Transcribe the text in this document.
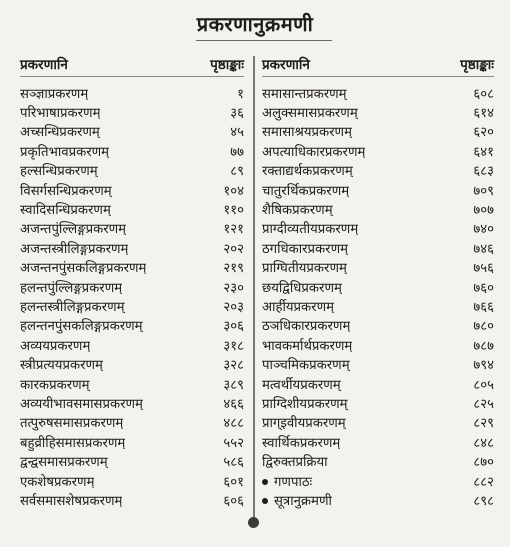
प्रकरणानुक्रमणी
प्रकरणानि	पृष्ठाङ्काः
सञ्ज्ञाप्रकरणम्	१
परिभाषाप्रकरणम्	३६
अच्सन्धिप्रकरणम्	४५
प्रकृतिभावप्रकरणम्	७७
हल्सन्धिप्रकरणम्	८९
विसर्गसन्धिप्रकरणम्	१०४
स्वादिसन्धिप्रकरणम्	११०
अजन्तपुंल्लिङ्गप्रकरणम्	१२१
अजन्तस्त्रीलिङ्गप्रकरणम्	२०२
अजन्तनपुंसकलिङ्गप्रकरणम्	२१९
हलन्तपुंल्लिङ्गप्रकरणम्	२३०
हलन्तस्त्रीलिङ्गप्रकरणम्	२०३
हलन्तनपुंसकलिङ्गप्रकरणम्	३०६
अव्ययप्रकरणम्	३१८
स्त्रीप्रत्ययप्रकरणम्	३२८
कारकप्रकरणम्	३८९
अव्ययीभावसमासप्रकरणम्	४६६
तत्पुरुषसमासप्रकरणम्	४८८
बहुव्रीहिसमासप्रकरणम्	५५२
द्वन्द्वसमासप्रकरणम्	५८६
एकशेषप्रकरणम्	६०१
सर्वसमासशेषप्रकरणम्	६०६
प्रकरणानि	पृष्ठाङ्काः
समासान्तप्रकरणम्	६०८
अलुक्समासप्रकरणम्	६१४
समासाश्रयप्रकरणम्	६२०
अपत्याधिकारप्रकरणम्	६४१
रक्ताद्यर्थकप्रकरणम्	६८३
चातुरर्थिकप्रकरणम्	७०९
शैषिकप्रकरणम्	७०७
प्राग्दीव्यतीयप्रकरणम्	७४०
ठगधिकारप्रकरणम्	७४६
प्राग्घितीयप्रकरणम्	७५६
छयद्विधिप्रकरणम्	७६०
आर्हीयप्रकरणम्	७६६
ठञधिकारप्रकरणम्	७८०
भावकर्मार्थप्रकरणम्	७८७
पाञ्चमिकप्रकरणम्	७९४
मत्वर्थीयप्रकरणम्	८०५
प्राग्दिशीयप्रकरणम्	८२५
प्राग्इवीयप्रकरणम्	८२९
स्वार्थिकप्रकरणम्	८४८
द्विरुक्तप्रक्रिया	८७०
गणपाठः	८८२
सूत्रानुक्रमणी	८९८
